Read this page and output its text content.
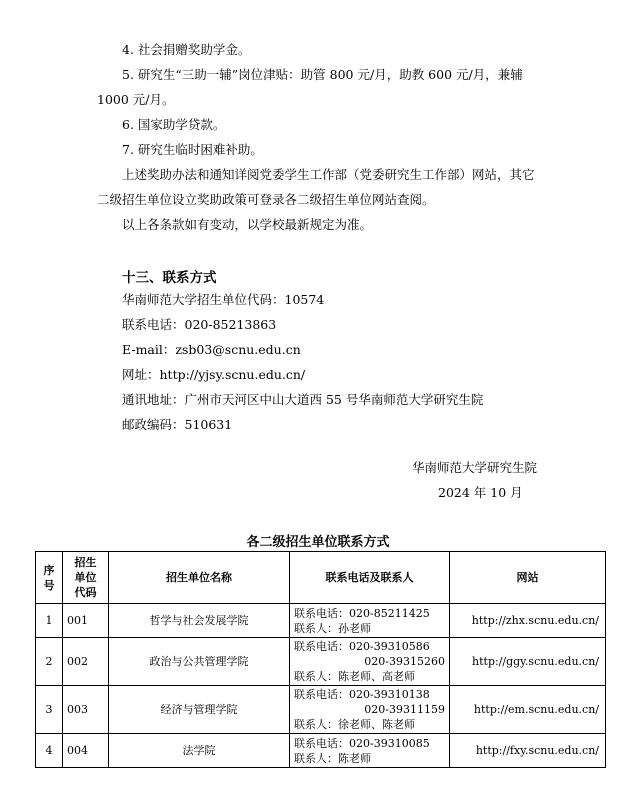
4. 社会捐赠奖助学金。
5. 研究生“三助一辅”岗位津贴：助管 800 元/月，助教 600 元/月，兼辅
1000 元/月。
6. 国家助学贷款。
7. 研究生临时困难补助。
上述奖助办法和通知详阅党委学生工作部（党委研究生工作部）网站，其它
二级招生单位设立奖助政策可登录各二级招生单位网站查阅。
以上各条款如有变动，以学校最新规定为准。
十三、联系方式
华南师范大学招生单位代码：10574
联系电话：020-85213863
E-mail：zsb03@scnu.edu.cn
网址：http://yjsy.scnu.edu.cn/
通讯地址：广州市天河区中山大道西 55 号华南师范大学研究生院
邮政编码：510631
华南师范大学研究生院
2024 年 10 月
各二级招生单位联系方式
序号	招生单位代码	招生单位名称	联系电话及联系人	网站
1	001	哲学与社会发展学院	联系电话：020-85211425
联系人：孙老师	http://zhx.scnu.edu.cn/
2	002	政治与公共管理学院	联系电话：020-39310586
020-39315260
联系人：陈老师、高老师	http://ggy.scnu.edu.cn/
3	003	经济与管理学院	联系电话：020-39310138
020-39311159
联系人：徐老师、陈老师	http://em.scnu.edu.cn/
4	004	法学院	联系电话：020-39310085
联系人：陈老师	http://fxy.scnu.edu.cn/
